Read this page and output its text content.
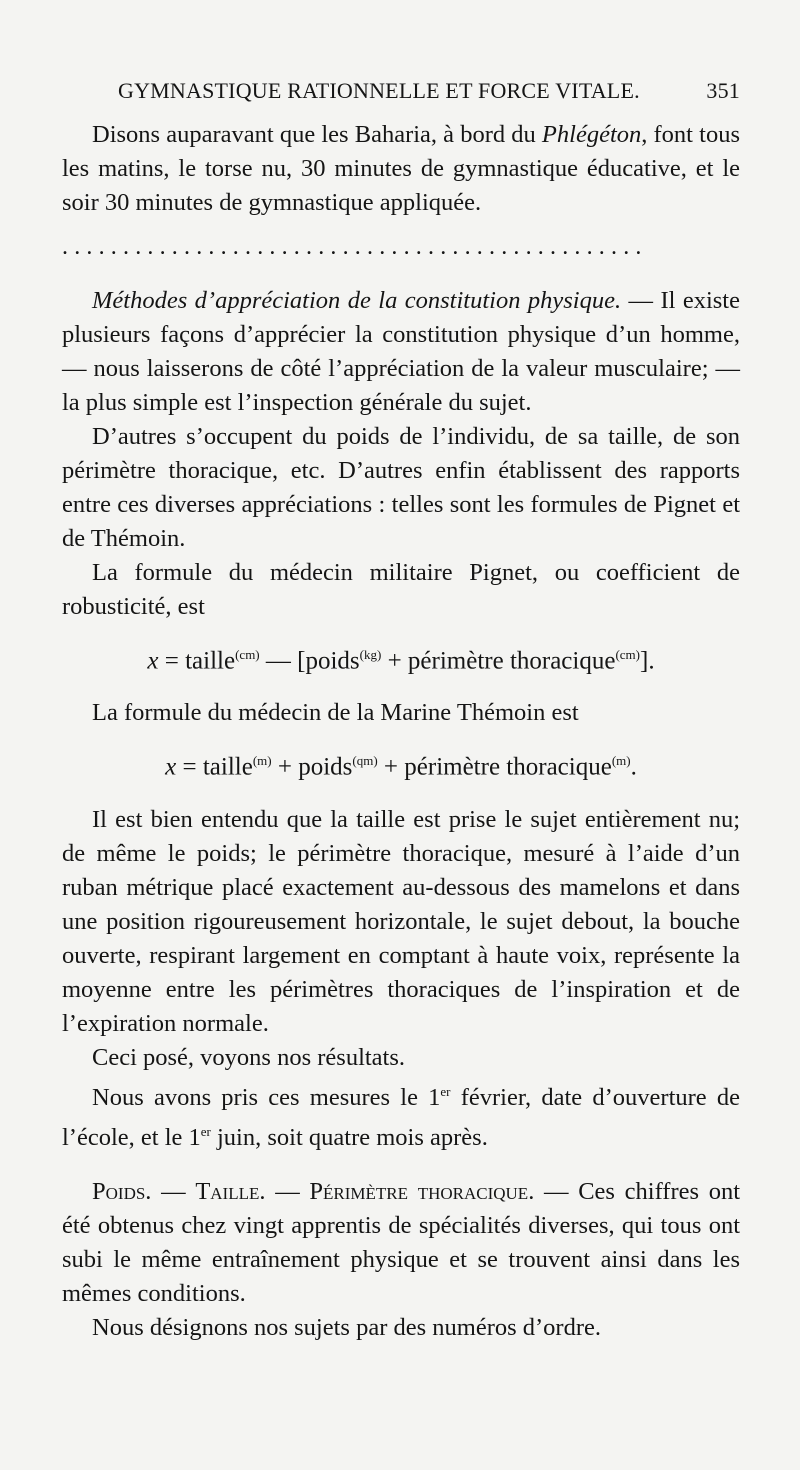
GYMNASTIQUE RATIONNELLE ET FORCE VITALE.	351

Disons auparavant que les Baharia, à bord du Phlégéton, font tous les matins, le torse nu, 30 minutes de gymnastique éducative, et le soir 30 minutes de gymnastique appliquée.

................................................

Méthodes d’appréciation de la constitution physique. — Il existe plusieurs façons d’apprécier la constitution physique d’un homme, — nous laisserons de côté l’appréciation de la valeur musculaire; — la plus simple est l’inspection générale du sujet.

D’autres s’occupent du poids de l’individu, de sa taille, de son périmètre thoracique, etc. D’autres enfin établissent des rapports entre ces diverses appréciations : telles sont les formules de Pignet et de Thémoin.

La formule du médecin militaire Pignet, ou coefficient de robusticité, est

x = taille$^{(cm)}$ — [poids$^{(kg)}$ + périmètre thoracique$^{(cm)}$].

La formule du médecin de la Marine Thémoin est

x = taille$^{(m)}$ + poids$^{(qm)}$ + périmètre thoracique$^{(m)}$.

Il est bien entendu que la taille est prise le sujet entièrement nu; de même le poids; le périmètre thoracique, mesuré à l’aide d’un ruban métrique placé exactement au-dessous des mamelons et dans une position rigoureusement horizontale, le sujet debout, la bouche ouverte, respirant largement en comptant à haute voix, représente la moyenne entre les périmètres thoraciques de l’inspiration et de l’expiration normale.

Ceci posé, voyons nos résultats.

Nous avons pris ces mesures le 1er février, date d’ouverture de l’école, et le 1er juin, soit quatre mois après.

Poids. — Taille. — Périmètre thoracique. — Ces chiffres ont été obtenus chez vingt apprentis de spécialités diverses, qui tous ont subi le même entraînement physique et se trouvent ainsi dans les mêmes conditions.

Nous désignons nos sujets par des numéros d’ordre.
